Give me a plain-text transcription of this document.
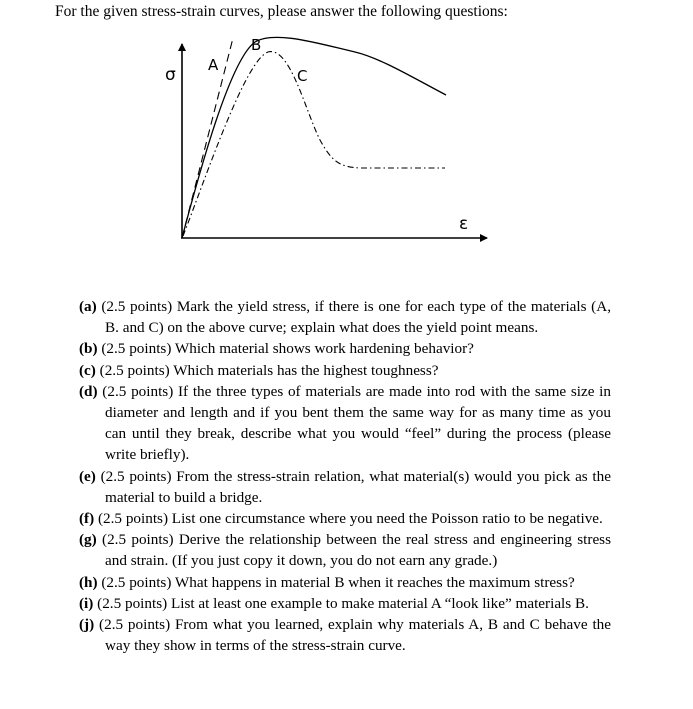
For the given stress-strain curves, please answer the following questions:
σ
ε
A
B
C
(a) (2.5 points) Mark the yield stress, if there is one for each type of the materials (A, B. and C) on the above curve; explain what does the yield point means.
(b) (2.5 points) Which material shows work hardening behavior?
(c) (2.5 points) Which materials has the highest toughness?
(d) (2.5 points) If the three types of materials are made into rod with the same size in diameter and length and if you bent them the same way for as many time as you can until they break, describe what you would “feel” during the process (please write briefly).
(e) (2.5 points) From the stress-strain relation, what material(s) would you pick as the material to build a bridge.
(f) (2.5 points) List one circumstance where you need the Poisson ratio to be negative.
(g) (2.5 points) Derive the relationship between the real stress and engineering stress and strain. (If you just copy it down, you do not earn any grade.)
(h) (2.5 points) What happens in material B when it reaches the maximum stress?
(i) (2.5 points) List at least one example to make material A “look like” materials B.
(j) (2.5 points) From what you learned, explain why materials A, B and C behave the way they show in terms of the stress-strain curve.
